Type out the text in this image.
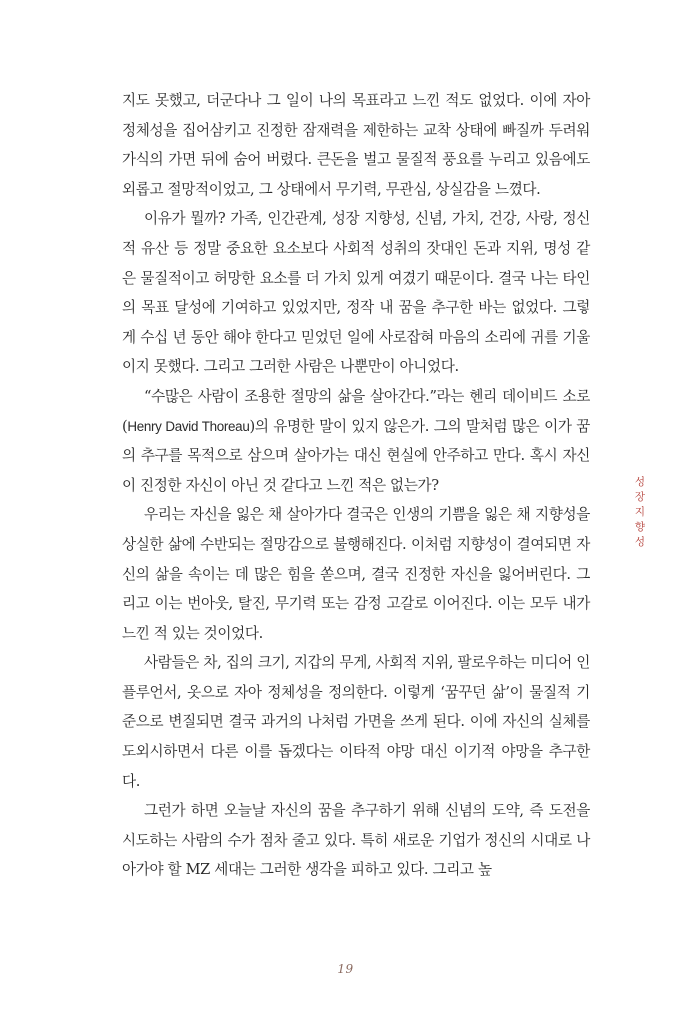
지도 못했고, 더군다나 그 일이 나의 목표라고 느낀 적도 없었다. 이에 자아 정체성을 집어삼키고 진정한 잠재력을 제한하는 교착 상태에 빠질까 두려워 가식의 가면 뒤에 숨어 버렸다. 큰돈을 벌고 물질적 풍요를 누리고 있음에도 외롭고 절망적이었고, 그 상태에서 무기력, 무관심, 상실감을 느꼈다.

이유가 뭘까? 가족, 인간관계, 성장 지향성, 신념, 가치, 건강, 사랑, 정신적 유산 등 정말 중요한 요소보다 사회적 성취의 잣대인 돈과 지위, 명성 같은 물질적이고 허망한 요소를 더 가치 있게 여겼기 때문이다. 결국 나는 타인의 목표 달성에 기여하고 있었지만, 정작 내 꿈을 추구한 바는 없었다. 그렇게 수십 년 동안 해야 한다고 믿었던 일에 사로잡혀 마음의 소리에 귀를 기울이지 못했다. 그리고 그러한 사람은 나뿐만이 아니었다.

“수많은 사람이 조용한 절망의 삶을 살아간다.”라는 헨리 데이비드 소로(Henry David Thoreau)의 유명한 말이 있지 않은가. 그의 말처럼 많은 이가 꿈의 추구를 목적으로 삼으며 살아가는 대신 현실에 안주하고 만다. 혹시 자신이 진정한 자신이 아닌 것 같다고 느낀 적은 없는가?

우리는 자신을 잃은 채 살아가다 결국은 인생의 기쁨을 잃은 채 지향성을 상실한 삶에 수반되는 절망감으로 불행해진다. 이처럼 지향성이 결여되면 자신의 삶을 속이는 데 많은 힘을 쏟으며, 결국 진정한 자신을 잃어버린다. 그리고 이는 번아웃, 탈진, 무기력 또는 감정 고갈로 이어진다. 이는 모두 내가 느낀 적 있는 것이었다.

사람들은 차, 집의 크기, 지갑의 무게, 사회적 지위, 팔로우하는 미디어 인플루언서, 옷으로 자아 정체성을 정의한다. 이렇게 ‘꿈꾸던 삶’이 물질적 기준으로 변질되면 결국 과거의 나처럼 가면을 쓰게 된다. 이에 자신의 실체를 도외시하면서 다른 이를 돕겠다는 이타적 야망 대신 이기적 야망을 추구한다.

그런가 하면 오늘날 자신의 꿈을 추구하기 위해 신념의 도약, 즉 도전을 시도하는 사람의 수가 점차 줄고 있다. 특히 새로운 기업가 정신의 시대로 나아가야 할 MZ 세대는 그러한 생각을 피하고 있다. 그리고 높

성장지향성
19
